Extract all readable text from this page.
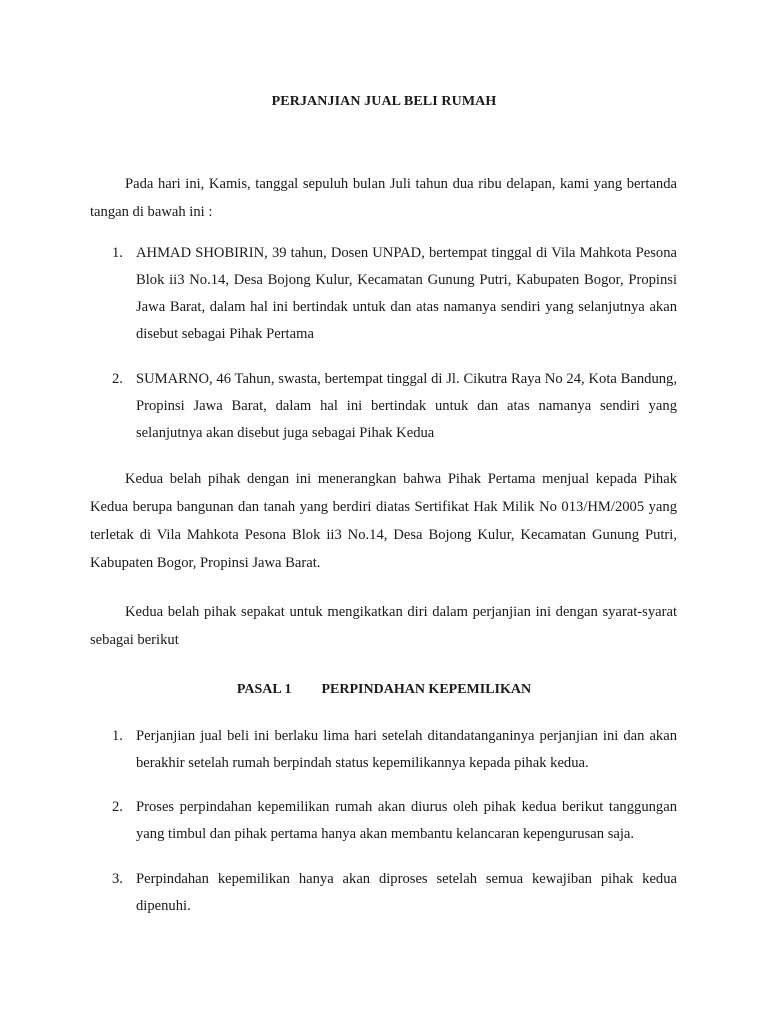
PERJANJIAN JUAL BELI RUMAH
Pada hari ini, Kamis, tanggal sepuluh bulan Juli tahun dua ribu delapan, kami yang bertanda tangan di bawah ini :
1. AHMAD SHOBIRIN, 39 tahun, Dosen UNPAD, bertempat tinggal di Vila Mahkota Pesona Blok ii3 No.14, Desa Bojong Kulur, Kecamatan Gunung Putri, Kabupaten Bogor, Propinsi Jawa Barat, dalam hal ini bertindak untuk dan atas namanya sendiri yang selanjutnya akan disebut sebagai Pihak Pertama
2. SUMARNO, 46 Tahun, swasta, bertempat tinggal di Jl. Cikutra Raya No 24, Kota Bandung, Propinsi Jawa Barat, dalam hal ini bertindak untuk dan atas namanya sendiri yang selanjutnya akan disebut juga sebagai Pihak Kedua
Kedua belah pihak dengan ini menerangkan bahwa Pihak Pertama menjual kepada Pihak Kedua berupa bangunan dan tanah yang berdiri diatas Sertifikat Hak Milik No 013/HM/2005 yang terletak di Vila Mahkota Pesona Blok ii3 No.14, Desa Bojong Kulur, Kecamatan Gunung Putri, Kabupaten Bogor, Propinsi Jawa Barat.
Kedua belah pihak sepakat untuk mengikatkan diri dalam perjanjian ini dengan syarat-syarat sebagai berikut
PASAL 1 PERPINDAHAN KEPEMILIKAN
1. Perjanjian jual beli ini berlaku lima hari setelah ditandatanganinya perjanjian ini dan akan berakhir setelah rumah berpindah status kepemilikannya kepada pihak kedua.
2. Proses perpindahan kepemilikan rumah akan diurus oleh pihak kedua berikut tanggungan yang timbul dan pihak pertama hanya akan membantu kelancaran kepengurusan saja.
3. Perpindahan kepemilikan hanya akan diproses setelah semua kewajiban pihak kedua dipenuhi.
